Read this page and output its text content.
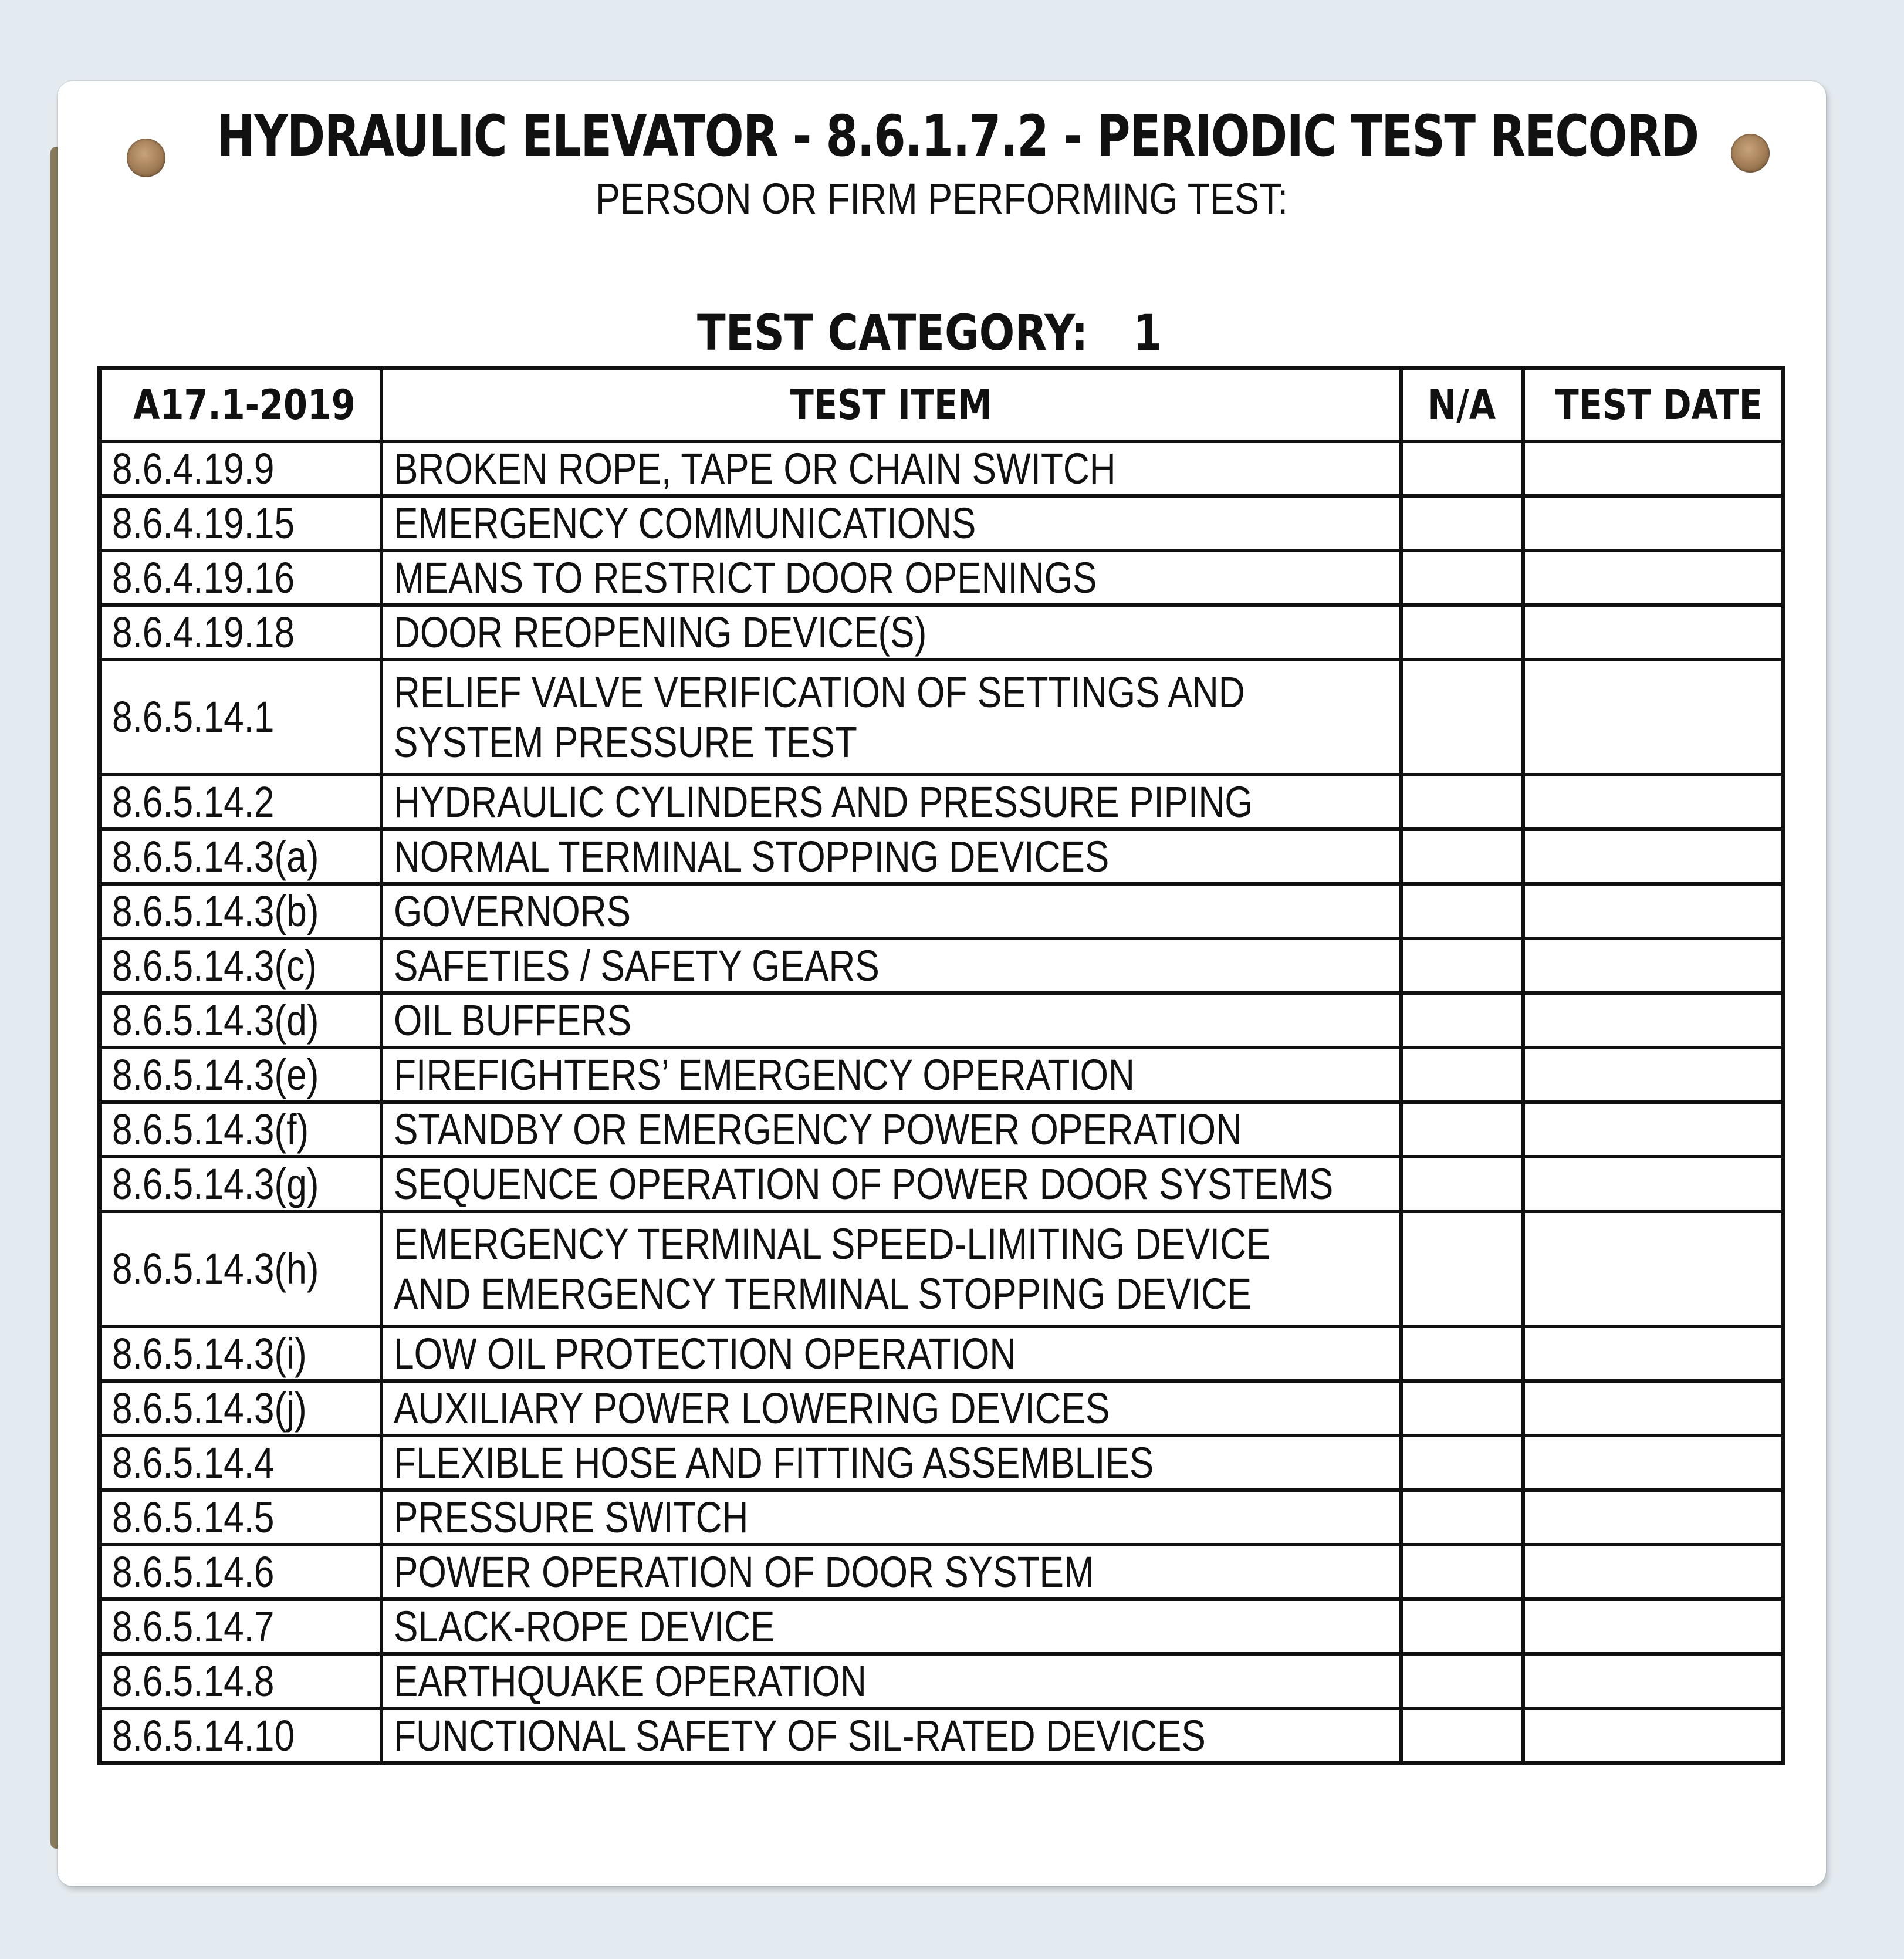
HYDRAULIC ELEVATOR - 8.6.1.7.2 - PERIODIC TEST RECORD
PERSON OR FIRM PERFORMING TEST:
TEST CATEGORY: 1
A17.1-2019	TEST ITEM	N/A	TEST DATE
8.6.4.19.9	BROKEN ROPE, TAPE OR CHAIN SWITCH		
8.6.4.19.15	EMERGENCY COMMUNICATIONS		
8.6.4.19.16	MEANS TO RESTRICT DOOR OPENINGS		
8.6.4.19.18	DOOR REOPENING DEVICE(S)		
8.6.5.14.1	RELIEF VALVE VERIFICATION OF SETTINGS AND
SYSTEM PRESSURE TEST		
8.6.5.14.2	HYDRAULIC CYLINDERS AND PRESSURE PIPING		
8.6.5.14.3(a)	NORMAL TERMINAL STOPPING DEVICES		
8.6.5.14.3(b)	GOVERNORS		
8.6.5.14.3(c)	SAFETIES / SAFETY GEARS		
8.6.5.14.3(d)	OIL BUFFERS		
8.6.5.14.3(e)	FIREFIGHTERS’ EMERGENCY OPERATION		
8.6.5.14.3(f)	STANDBY OR EMERGENCY POWER OPERATION		
8.6.5.14.3(g)	SEQUENCE OPERATION OF POWER DOOR SYSTEMS		
8.6.5.14.3(h)	EMERGENCY TERMINAL SPEED-LIMITING DEVICE
AND EMERGENCY TERMINAL STOPPING DEVICE		
8.6.5.14.3(i)	LOW OIL PROTECTION OPERATION		
8.6.5.14.3(j)	AUXILIARY POWER LOWERING DEVICES		
8.6.5.14.4	FLEXIBLE HOSE AND FITTING ASSEMBLIES		
8.6.5.14.5	PRESSURE SWITCH		
8.6.5.14.6	POWER OPERATION OF DOOR SYSTEM		
8.6.5.14.7	SLACK-ROPE DEVICE		
8.6.5.14.8	EARTHQUAKE OPERATION		
8.6.5.14.10	FUNCTIONAL SAFETY OF SIL-RATED DEVICES		
